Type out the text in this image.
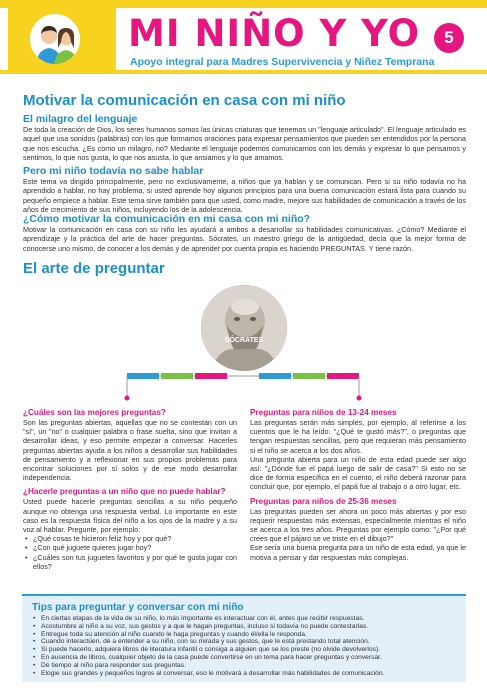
MI NIÑO Y YO
Apoyo integral para Madres Supervivencia y Niñez Temprana
5
Motivar la comunicación en casa con mi niño
El milagro del lenguaje

De toda la creación de Dios, los seres humanos somos las únicas criaturas que tenemos un "lenguaje articulado". El lenguaje articulado es aquel que usa sonidos (palabras) con los que formamos oraciones para expresar pensamientos que pueden ser entendidos por la persona que nos escucha. ¿Es como un milagro, no? Mediante el lenguaje podemos comunicarnos con los demás y expresar lo que pensamos y sentimos, lo que nos gusta, lo que nos asusta, lo que ansiamos y lo que amamos.

Pero mi niño todavía no sabe hablar

Este tema va dirigido principalmente, pero no exclusivamente, a niños que ya hablan y se comunican. Pero si su niño todavía no ha aprendido a hablar, no hay problema, si usted aprende hoy algunos principios para una buena comunicación estará lista para cuando su pequeño empiece a hablar. Este tema sirve también para que usted, como madre, mejore sus habilidades de comunicación a través de los años de crecimiento de sus niños, incluyendo los de la adolescencia.

¿Cómo motivar la comunicación en mi casa con mi niño?

Motivar la comunicación en casa con su niño les ayudará a ambos a desarrollar su habilidades comunicativas. ¿Cómo? Mediante el aprendizaje y la práctica del arte de hacer preguntas. Sócrates, un maestro griego de la antigüedad, decía que la mejor forma de conocerse uno mismo, de conocer a los demás y de aprender por cuenta propia es haciendo PREGUNTAS. Y tiene razón.

El arte de preguntar
SÓCRATES
¿Cuáles son las mejores preguntas?

Son las preguntas abiertas, aquellas que no se contestan con un "sí", un "no" o cualquier palabra o frase suelta, sino que invitan a desarrollar ideas, y eso permite empezar a conversar. Hacerles preguntas abiertas ayuda a los niños a desarrollar sus habilidades de pensamiento y a reflexionar en sus propios problemas para encontrar soluciones por sí solos y de ese modo desarrollar independencia.

¿Hacerle preguntas a un niño que no puede hablar?

Usted puede hacerle preguntas sencillas a su niño pequeño aunque no obtenga una respuesta verbal. Lo importante en este caso es la respuesta física del niño a los ojos de la madre y a su voz al hablar. Pregunte, por ejemplo:

• ¿Qué cosas te hicieron feliz hoy y por qué?
• ¿Con qué juguete quieres jugar hoy?
• ¿Cuáles son tus juguetes favoritos y por qué te gusta jugar con ellos?
Preguntas para niños de 13-24 meses

Las preguntas serán más simples, por ejemplo, al referirse a los cuentos que le ha leído: "¿Qué te gustó más?", o preguntas que tengan respuestas sencillas, pero que requieran más pensamiento si el niño se acerca a los dos años.

Una pregunta abierta para un niño de esta edad puede ser algo así: "¿Dónde fue el papá luego de salir de casa?" Si esto no se dice de forma específica en el cuento, el niño deberá razonar para concluir que, por ejemplo, el papá fue al trabajo o a otro lugar, etc.

Preguntas para niños de 25-36 meses

Las preguntas pueden ser ahora un poco más abiertas y por eso requerir respuestas más extensas, especialmente mientras el niño se acerca a los tres años. Preguntas por ejemplo como: "¿Por qué crees que el pájaro se ve triste en el dibujo?"

Ese sería una buena pregunta para un niño de esta edad, ya que le motiva a pensar y dar respuestas más complejas.

Tips para preguntar y conversar con mi niño
• En ciertas etapas de la vida de su niño, lo más importante es interactuar con él, antes que recibir respuestas.
• Acostumbre al niño a su voz, sus gestos y a que le hagan preguntas, incluso si todavía no puede contestarlas.
• Entregue toda su atención al niño cuando le haga preguntas y cuando él/ella le responda.
• Cuando interactúen, dé a entender a su niño, con su mirada y sus gestos, que le está prestando total atención.
• Si puede hacerlo, adquiera libros de literatura infantil o consiga a alguien que se los preste (no olvide devolverlos).
• En ausencia de libros, cualquier objeto de la casa puede convertirse en un tema para hacer preguntas y conversar.
• Dé tiempo al niño para responder sus preguntas.
• Elogie sus grandes y pequeños logros al conversar, eso le motivará a desarrollar más habilidades de comunicación.
